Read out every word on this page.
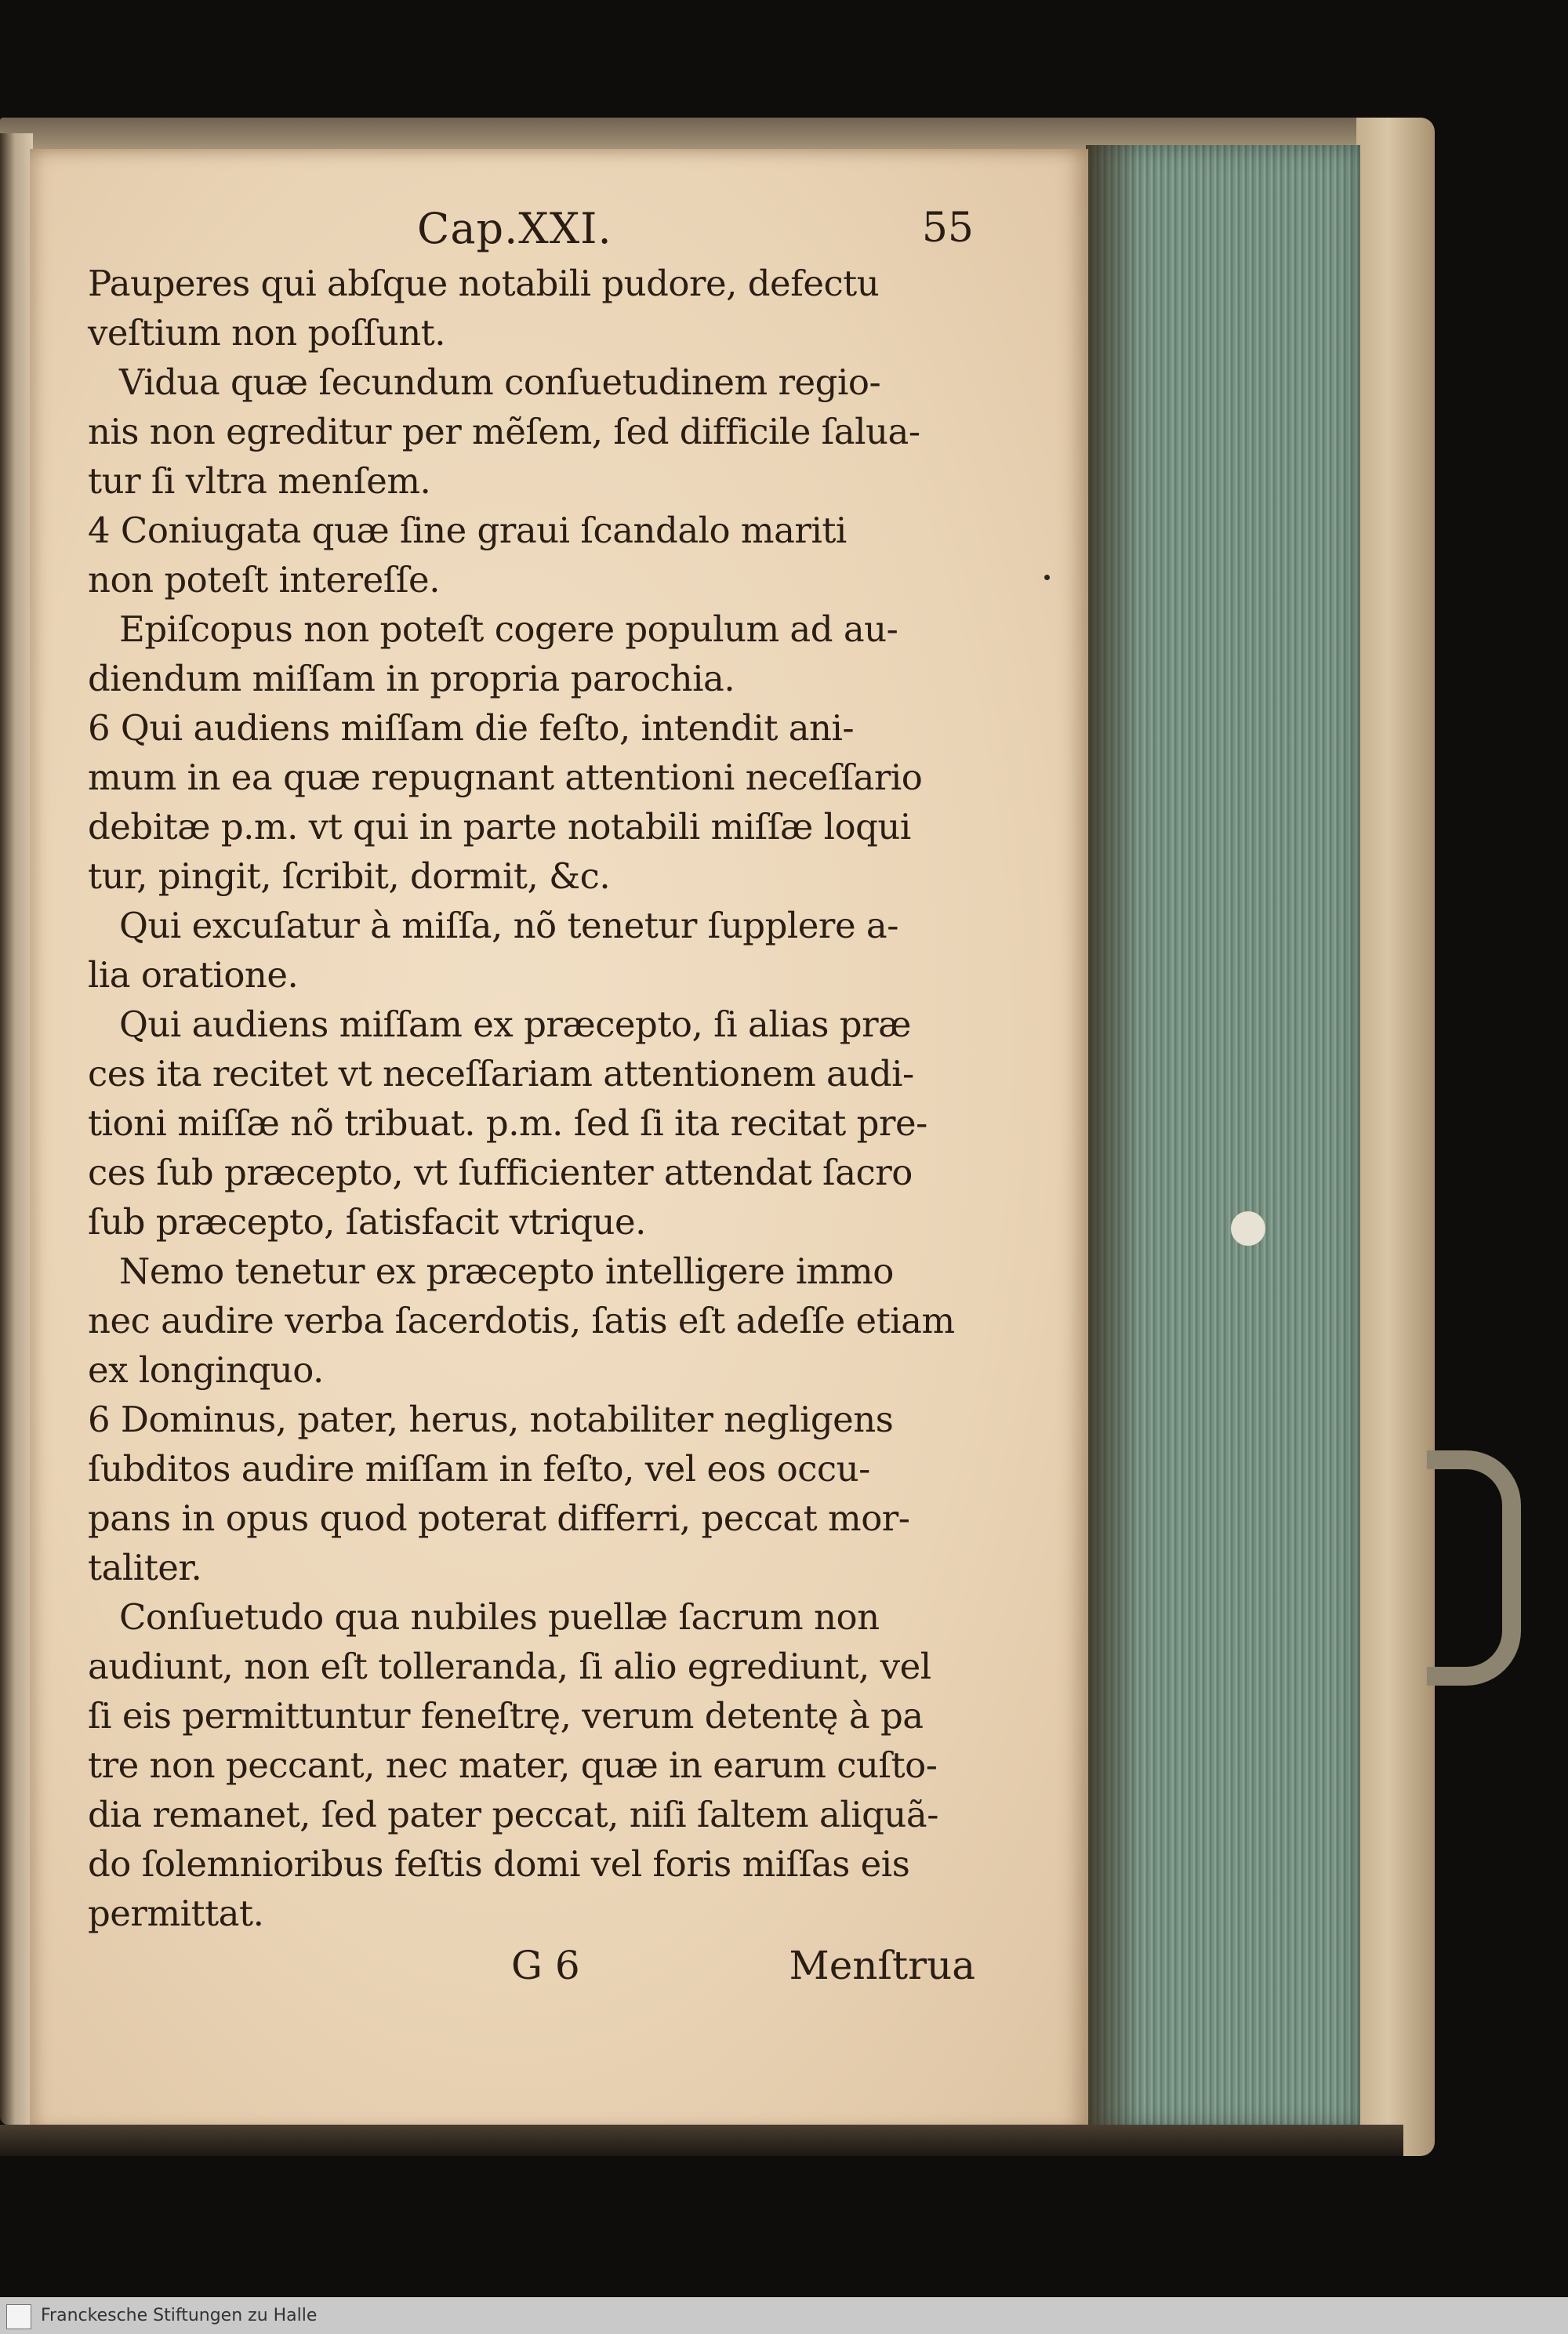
Cap.XXI.	55
Pauperes qui abſque notabili pudore, defectu
veſtium non poſſunt.
Vidua quæ ſecundum conſuetudinem regio-
nis non egreditur per mẽſem, ſed difficile ſalua-
tur ſi vltra menſem.
4 Coniugata quæ ſine graui ſcandalo mariti
non poteſt intereſſe.
Epiſcopus non poteſt cogere populum ad au-
diendum miſſam in propria parochia.
6 Qui audiens miſſam die feſto, intendit ani-
mum in ea quæ repugnant attentioni neceſſario
debitæ p.m. vt qui in parte notabili miſſæ loqui
tur, pingit, ſcribit, dormit, &c.
Qui excuſatur à miſſa, nõ tenetur ſupplere a-
lia oratione.
Qui audiens miſſam ex præcepto, ſi alias præ
ces ita recitet vt neceſſariam attentionem audi-
tioni miſſæ nõ tribuat. p.m. ſed ſi ita recitat pre-
ces ſub præcepto, vt ſufficienter attendat ſacro
ſub præcepto, ſatisfacit vtrique.
Nemo tenetur ex præcepto intelligere immo
nec audire verba ſacerdotis, ſatis eſt adeſſe etiam
ex longinquo.
6 Dominus, pater, herus, notabiliter negligens
ſubditos audire miſſam in feſto, vel eos occu-
pans in opus quod poterat differri, peccat mor-
taliter.
Conſuetudo qua nubiles puellæ ſacrum non
audiunt, non eſt tolleranda, ſi alio egrediunt, vel
ſi eis permittuntur feneſtrę, verum detentę à pa
tre non peccant, nec mater, quæ in earum cuſto-
dia remanet, ſed pater peccat, niſi ſaltem aliquã-
do ſolemnioribus feſtis domi vel foris miſſas eis
permittat.
G 6	Menſtrua
Franckesche Stiftungen zu Halle
